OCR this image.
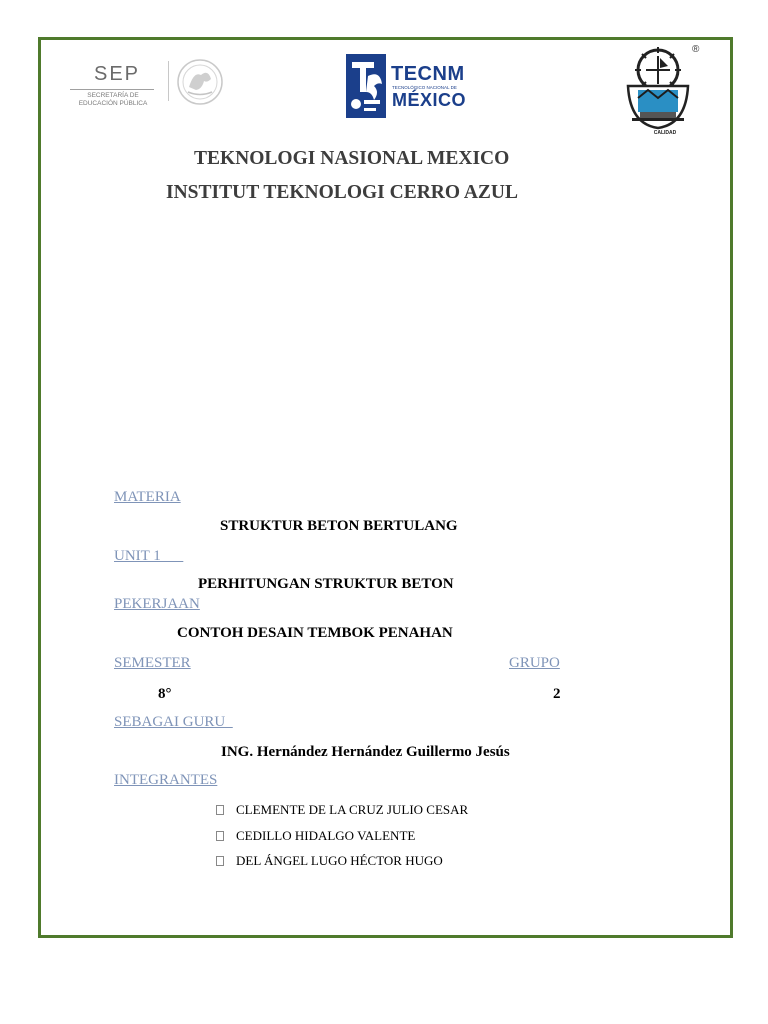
SEP
SECRETARÍA DE
EDUCACIÓN PÚBLICA
TECNM
TECNOLÓGICO NACIONAL DE
MÉXICO
®
CALIDAD
TEKNOLOGI NASIONAL MEXICO
INSTITUT TEKNOLOGI CERRO AZUL
MATERIA
STRUKTUR BETON BERTULANG
UNIT 1
PERHITUNGAN STRUKTUR BETON
PEKERJAAN
CONTOH DESAIN TEMBOK PENAHAN
SEMESTER	GRUPO
8°	2
SEBAGAI GURU
ING. Hernández Hernández Guillermo Jesús
INTEGRANTES
CLEMENTE DE LA CRUZ JULIO CESAR
CEDILLO HIDALGO VALENTE
DEL ÁNGEL LUGO HÉCTOR HUGO
